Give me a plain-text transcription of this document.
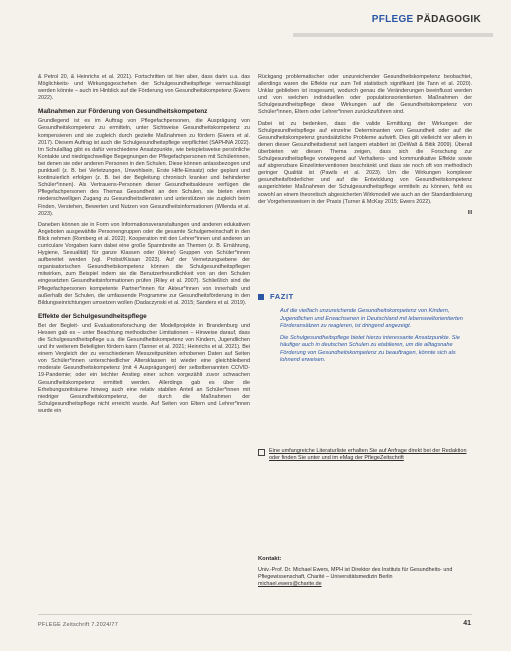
PFLEGE PÄDAGOGIK

& Petrol 20, & Heinrichs et al. 2021). Fortschritten ist hier aber, dass darin u.a. das Möglichkeits- und Wirkungsgeschehen der Schulgesundheitspflege vernachlässigt werden könnte – auch im Hinblick auf die Förderung von Gesundheitskompetenz (Ewers 2022).

Maßnahmen zur Förderung von Gesundheitskompetenz

Grundlegend ist es im Auftrag von Pflegefachpersonen, die Ausprägung von Gesundheitskompetenz zu ermitteln, unter Sichtweise Gesundheitskompetenz zu kompensieren und sie zugleich durch gezielte Maßnahmen zu fördern (Ewers et al. 2017). Diesem Auftrag ist auch die Schulgesundheitspflege verpflichtet (SAPHNA 2022). Im Schulalltag gibt es dafür verschiedene Ansatzpunkte, wie beispielsweise persönliche Kontakte und niedrigschwellige Begegnungen der Pflegefachpersonen mit Schülerinnen, bei denen sie oder anderen Personen in den Schulen. Diese können anlassbezogen und punktuell (z. B. bei Verletzungen, Unwohlsein, Erste Hilfe-Einsatz) oder geplant und kontinuierlich erfolgen (z. B. bei der Begleitung chronisch kranker und behinderter Schüler*innen). Als Vertrauens-Personen dieser Gesundheitsakteure verfügen die Pflegefachpersonen des Themas Gesundheit an den Schulen, sie bieten einen niederschwelligen Zugang zu Gesundheitsdiensten und unterstützen sie zugleich beim Finden, Verstehen, Bewerten und Nutzen von Gesundheitsinformationen (Wilenda et al. 2023).

Daneben können sie in Form von Informationsveranstaltungen und anderen edukativen Angeboten ausgewählte Personengruppen oder die gesamte Schulgemeinschaft in den Blick nehmen (Romberg et al. 2022). Kooperation mit den Lehrer*innen und anderen an curriculare Vorgaben kann dabei eine große Spannbreite an Themen (z. B. Ernährung, Hygiene, Sexualität) für ganze Klassen oder (kleine) Gruppen von Schüler*innen aufbereitet werden (vgl. Probst/Kissan 2023). Auf der Vernetzungsebene der organisatorischen Gesundheitskompetenz können die Schulgesundheitspflegen mitwirken, zum Beispiel indem sie die Benutzerfreundlichkeit von an den Schulen eingesetzten Gesundheitsinformationen prüfen (Riley et al. 2007). Schließlich sind die Pflegefachpersonen kompetente Partner*innen für Akteur*innen von innerhalb und außerhalb der Schulen, die umfassende Programme zur Gesundheitsförderung in den Bildungseinrichtungen umsetzen wollen (Dadaczynski et al. 2015; Sanders et al. 2019).

Effekte der Schulgesundheitspflege

Bei der Begleit- und Evaluationsforschung der Modellprojekte in Brandenburg und Hessen gab es – unter Beachtung methodischer Limitationen – Hinweise darauf, dass die Schulgesundheitspflege u.a. die Gesundheitskompetenz von Kindern, Jugendlichen und ihr weiterem Beteiligten fördern kann (Tanner et al. 2021; Heinrichs et al. 2021). Bei einem Vergleich der zu verschiedenen Messzeitpunkten erhobenen Daten auf Seiten von Schüler*innen unterschiedlicher Altersklassen ist wieder eine gleichbleibend moderate Gesundheitskompetenz (mit 4 Ausprägungen) der selbstbenannten COVID-19-Pandemie; oder ein leichter Anstieg einer schon vorgezählt zuvor schwachen Gesundheitskompetenz ermittelt werden. Allerdings gab es über die Erhebungszeiträume hinweg auch eine relativ stabilen Anteil an Schüler*innen mit niedriger Gesundheitskompetenz, der durch die Maßnahmen der Schulgesundheitspflege nicht erreicht wurde. Auf Seiten von Eltern und Lehrer*innen wurde ein

Rückgang problematischer oder unzureichender Gesundheitskompetenz beobachtet, allerdings waren die Effekte nur zum Teil statistisch signifikant (de Tann et al. 2020). Unklar geblieben ist insgesamt, wodurch genau die Veränderungen beeinflusst werden und von welchen individuellen oder populationsorientierten Maßnahmen der Schulgesundheitspflege diese Wirkungen auf die Gesundheitskompetenz von Schüler*innen, Eltern oder Lehrer*innen zurückzuführen sind.

Dabei ist zu bedenken, dass die valide Ermittlung der Wirkungen der Schulgesundheitspflege auf einzelne Determinanten von Gesundheit oder auf die Gesundheitskompetenz grundsätzliche Probleme aufwirft. Dies gilt vielleicht vor allem in denen dieser Gesundheitsdienst seit langem etabliert ist (DeWalt & Bitik 2009). Überall überbieten wir diesen Thema zeigen, dass sich die Forschung zur Schulgesundheitspflege vorwiegend auf Verhaltens- und kommunikative Effekte sowie auf abgrenzbare Einzelinterventionen beschränkt und dass sie noch oft von methodisch geringer Qualität ist (Pawils et al. 2023). Um die Wirkungen komplexer gesundheitsförderlicher und auf die Entwicklung von Gesundheitskompetenz ausgerichteter Maßnahmen der Schulgesundheitspflege ermitteln zu können, fehlt es sowohl an einem theoretisch abgesicherten Wirkmodell wie auch an der Standardisierung der Vorgehensweisen in der Praxis (Turner & McKay 2015; Ewers 2022).

III
FAZIT

Auf die vielfach unzureichende Gesundheitskompetenz von Kindern, Jugendlichen und Erwachsenen in Deutschland mit lebensweltorientierten Förderansätzen zu reagieren, ist dringend angezeigt.

Die Schulgesundheitspflege bietet hierzu interessante Ansatzpunkte. Sie häufiger auch in deutschen Schulen zu etablieren, um die alltagsnahe Förderung von Gesundheitskompetenz zu beauftragen, könnte sich als lohnend erweisen.

Eine umfangreiche Literaturliste erhalten Sie auf Anfrage direkt bei der Redaktion oder finden Sie unter und im eMag der PflegeZeitschrift
Kontakt:
Univ.-Prof. Dr. Michael Ewers, MPH ist Direktor des Instituts für Gesundheits- und Pflegewissenschaft, Charité – Universitätsmedizin Berlin
michael.ewers@charite.de
PFLEGE Zeitschrift 7.2024/77	41
